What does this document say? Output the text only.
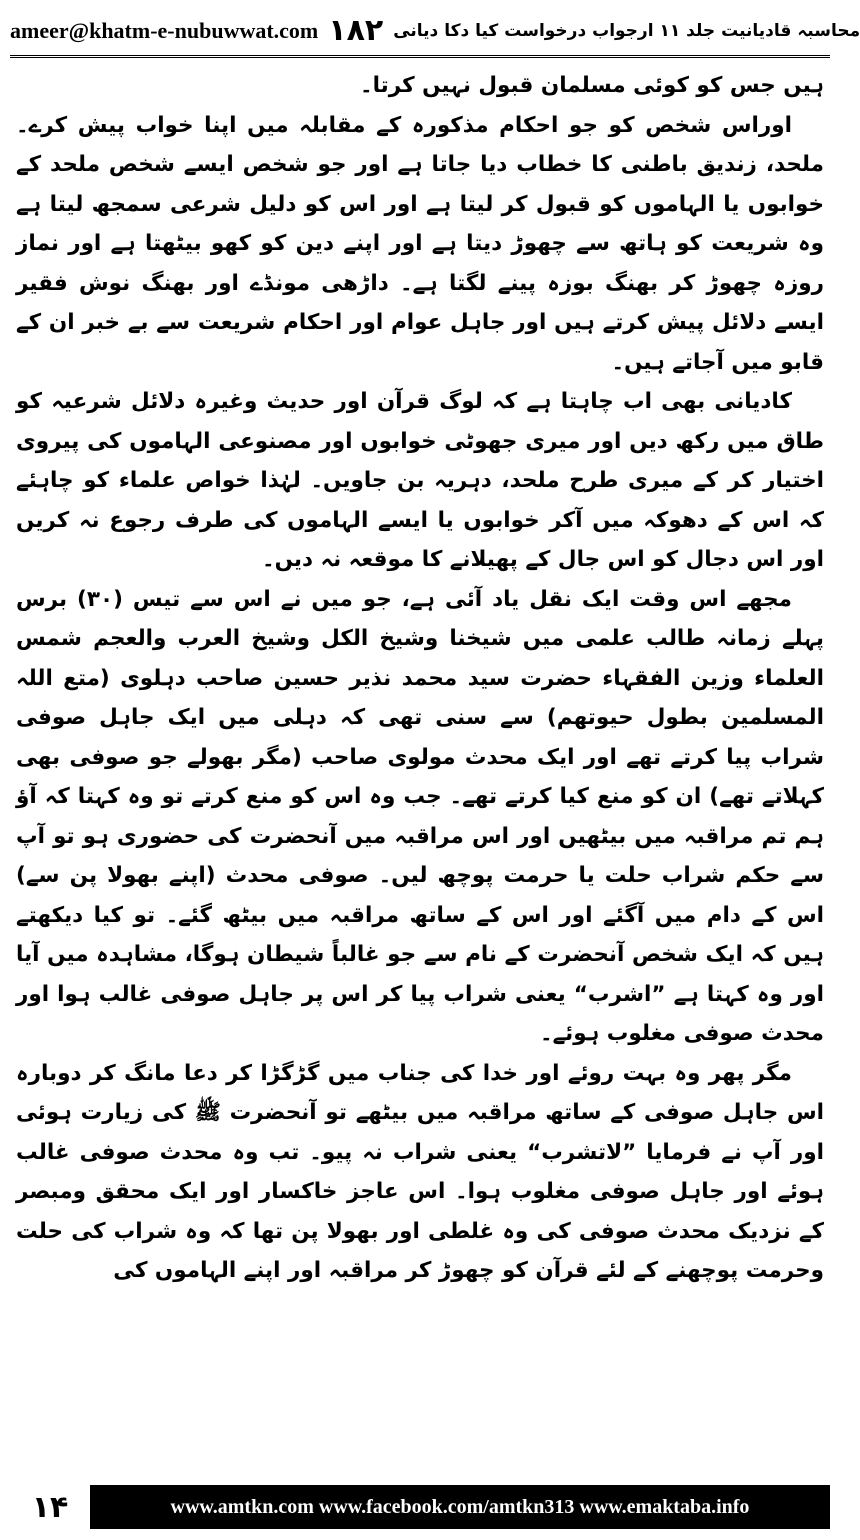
ameer@khatm-e-nubuwwat.com ۱۸۲ محاسبہ قادیانیت جلد ۱۱ ارجواب درخواست کیا دکا دیانی

ہیں جس کو کوئی مسلمان قبول نہیں کرتا۔

اوراس شخص کو جو احکام مذکورہ کے مقابلہ میں اپنا خواب پیش کرے۔ ملحد، زندیق باطنی کا خطاب دیا جاتا ہے اور جو شخص ایسے شخص ملحد کے خوابوں یا الہاموں کو قبول کر لیتا ہے اور اس کو دلیل شرعی سمجھ لیتا ہے وہ شریعت کو ہاتھ سے چھوڑ دیتا ہے اور اپنے دین کو کھو بیٹھتا ہے اور نماز روزہ چھوڑ کر بھنگ بوزہ پینے لگتا ہے۔ داڑھی مونڈے اور بھنگ نوش فقیر ایسے دلائل پیش کرتے ہیں اور جاہل عوام اور احکام شریعت سے بے خبر ان کے قابو میں آجاتے ہیں۔

کادیانی بھی اب چاہتا ہے کہ لوگ قرآن اور حدیث وغیرہ دلائل شرعیہ کو طاق میں رکھ دیں اور میری جھوٹی خوابوں اور مصنوعی الہاموں کی پیروی اختیار کر کے میری طرح ملحد، دہریہ بن جاویں۔ لہٰذا خواص علماء کو چاہئے کہ اس کے دھوکہ میں آکر خوابوں یا ایسے الہاموں کی طرف رجوع نہ کریں اور اس دجال کو اس جال کے پھیلانے کا موقعہ نہ دیں۔

مجھے اس وقت ایک نقل یاد آئی ہے، جو میں نے اس سے تیس (۳۰) برس پہلے زمانہ طالب علمی میں شیخنا وشیخ الکل وشیخ العرب والعجم شمس العلماء وزین الفقہاء حضرت سید محمد نذیر حسین صاحب دہلوی (متع اللہ المسلمین بطول حیوتھم) سے سنی تھی کہ دہلی میں ایک جاہل صوفی شراب پیا کرتے تھے اور ایک محدث مولوی صاحب (مگر بھولے جو صوفی بھی کہلاتے تھے) ان کو منع کیا کرتے تھے۔ جب وہ اس کو منع کرتے تو وہ کہتا کہ آؤ ہم تم مراقبہ میں بیٹھیں اور اس مراقبہ میں آنحضرت کی حضوری ہو تو آپ سے حکم شراب حلت یا حرمت پوچھ لیں۔ صوفی محدث (اپنے بھولا پن سے) اس کے دام میں آگئے اور اس کے ساتھ مراقبہ میں بیٹھ گئے۔ تو کیا دیکھتے ہیں کہ ایک شخص آنحضرت کے نام سے جو غالباً شیطان ہوگا، مشاہدہ میں آیا اور وہ کہتا ہے ”اشرب“ یعنی شراب پیا کر اس پر جاہل صوفی غالب ہوا اور محدث صوفی مغلوب ہوئے۔

مگر پھر وہ بہت روئے اور خدا کی جناب میں گڑگڑا کر دعا مانگ کر دوبارہ اس جاہل صوفی کے ساتھ مراقبہ میں بیٹھے تو آنحضرت ﷺ کی زیارت ہوئی اور آپ نے فرمایا ”لاتشرب“ یعنی شراب نہ پیو۔ تب وہ محدث صوفی غالب ہوئے اور جاہل صوفی مغلوب ہوا۔ اس عاجز خاکسار اور ایک محقق ومبصر کے نزدیک محدث صوفی کی وہ غلطی اور بھولا پن تھا کہ وہ شراب کی حلت وحرمت پوچھنے کے لئے قرآن کو چھوڑ کر مراقبہ اور اپنے الہاموں کی

۱۴	www.amtkn.com www.facebook.com/amtkn313 www.emaktaba.info
